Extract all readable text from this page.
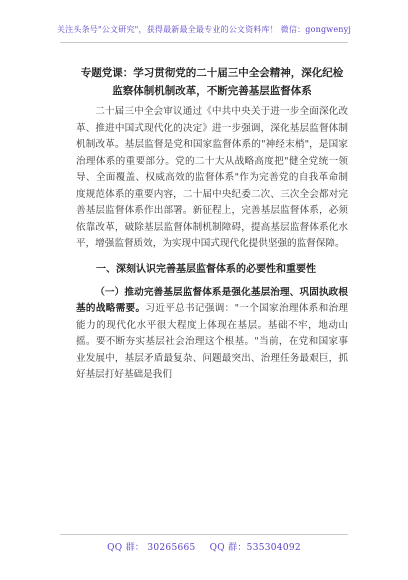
关注头条号"公文研究"，获得最新最全最专业的公文资料库！ 微信：gongwenyj
专题党课：学习贯彻党的二十届三中全会精神，深化纪检
监察体制机制改革，不断完善基层监督体系

二十届三中全会审议通过《中共中央关于进一步全面深化改革、推进中国式现代化的决定》进一步强调，深化基层监督体制机制改革。基层监督是党和国家监督体系的"神经末梢"，是国家治理体系的重要部分。党的二十大从战略高度把"健全党统一领导、全面覆盖、权威高效的监督体系"作为完善党的自我革命制度规范体系的重要内容，二十届中央纪委二次、三次全会都对完善基层监督体系作出部署。新征程上，完善基层监督体系，必须依靠改革，破除基层监督体制机制障碍，提高基层监督体系化水平，增强监督质效，为实现中国式现代化提供坚强的监督保障。

一、深刻认识完善基层监督体系的必要性和重要性

（一）推动完善基层监督体系是强化基层治理、巩固执政根基的战略需要。习近平总书记强调："一个国家治理体系和治理能力的现代化水平很大程度上体现在基层。基础不牢，地动山摇。要不断夯实基层社会治理这个根基。"当前，在党和国家事业发展中，基层矛盾最复杂、问题最突出、治理任务最艰巨，抓好基层打好基础是我们

QQ 群： 30265665 QQ 群：535304092
